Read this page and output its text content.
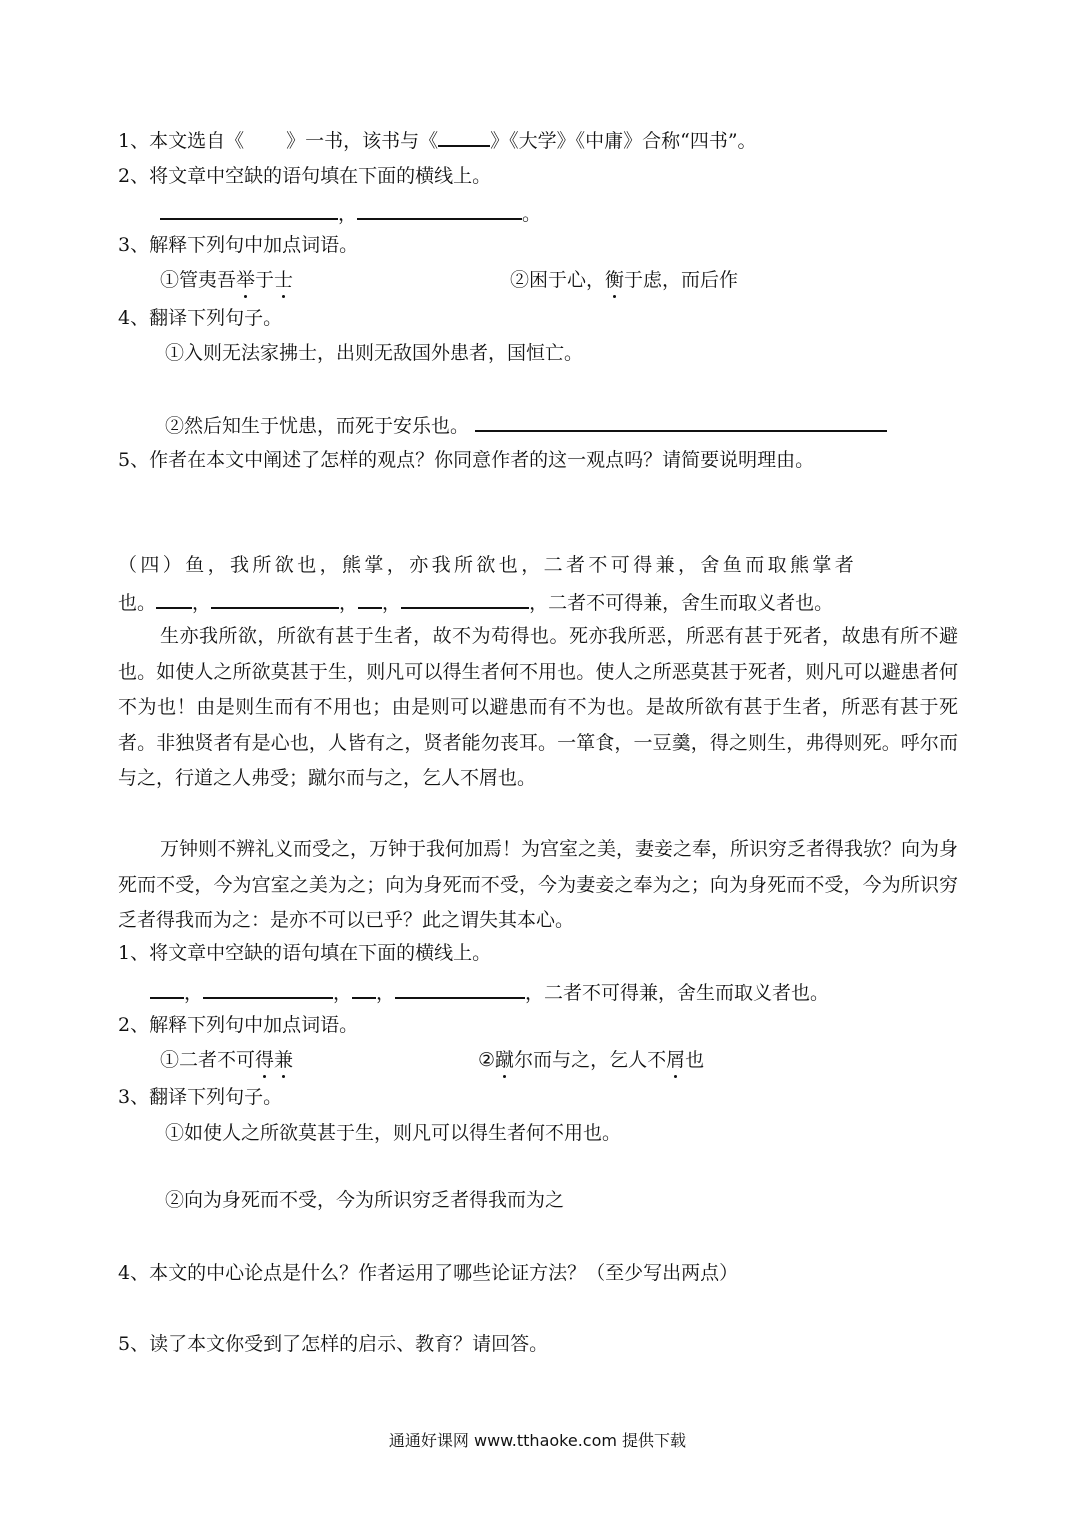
1、本文选自《 》一书，该书与《	》《大学》《中庸》合称“四书”。
2、将文章中空缺的语句填在下面的横线上。
，	。
3、解释下列句中加点词语。
①管夷吾举于士	②困于心，衡于虑，而后作
4、翻译下列句子。
①入则无法家拂士，出则无敌国外患者，国恒亡。
②然后知生于忧患，而死于安乐也。
5、作者在本文中阐述了怎样的观点？你同意作者的这一观点吗？请简要说明理由。
（四）鱼，我所欲也，熊掌，亦我所欲也，二者不可得兼，舍鱼而取熊掌者
也。 ，	， ，	，二者不可得兼，舍生而取义者也。
生亦我所欲，所欲有甚于生者，故不为苟得也。死亦我所恶，所恶有甚于死者，故患有所不避也。如使人之所欲莫甚于生，则凡可以得生者何不用也。使人之所恶莫甚于死者，则凡可以避患者何不为也！由是则生而有不用也；由是则可以避患而有不为也。是故所欲有甚于生者，所恶有甚于死者。非独贤者有是心也，人皆有之，贤者能勿丧耳。一箪食，一豆羹，得之则生，弗得则死。呼尔而与之，行道之人弗受；蹴尔而与之，乞人不屑也。
万钟则不辨礼义而受之，万钟于我何加焉！为宫室之美，妻妾之奉，所识穷乏者得我欤？向为身死而不受，今为宫室之美为之；向为身死而不受，今为妻妾之奉为之；向为身死而不受，今为所识穷乏者得我而为之：是亦不可以已乎？此之谓失其本心。
1、将文章中空缺的语句填在下面的横线上。
，	， ，	，二者不可得兼，舍生而取义者也。
2、解释下列句中加点词语。
①二者不可得兼	②蹴尔而与之，乞人不屑也
3、翻译下列句子。
①如使人之所欲莫甚于生，则凡可以得生者何不用也。
②向为身死而不受，今为所识穷乏者得我而为之
4、本文的中心论点是什么？作者运用了哪些论证方法？（至少写出两点）
5、读了本文你受到了怎样的启示、教育？请回答。
通通好课网 www.tthaoke.com 提供下载
